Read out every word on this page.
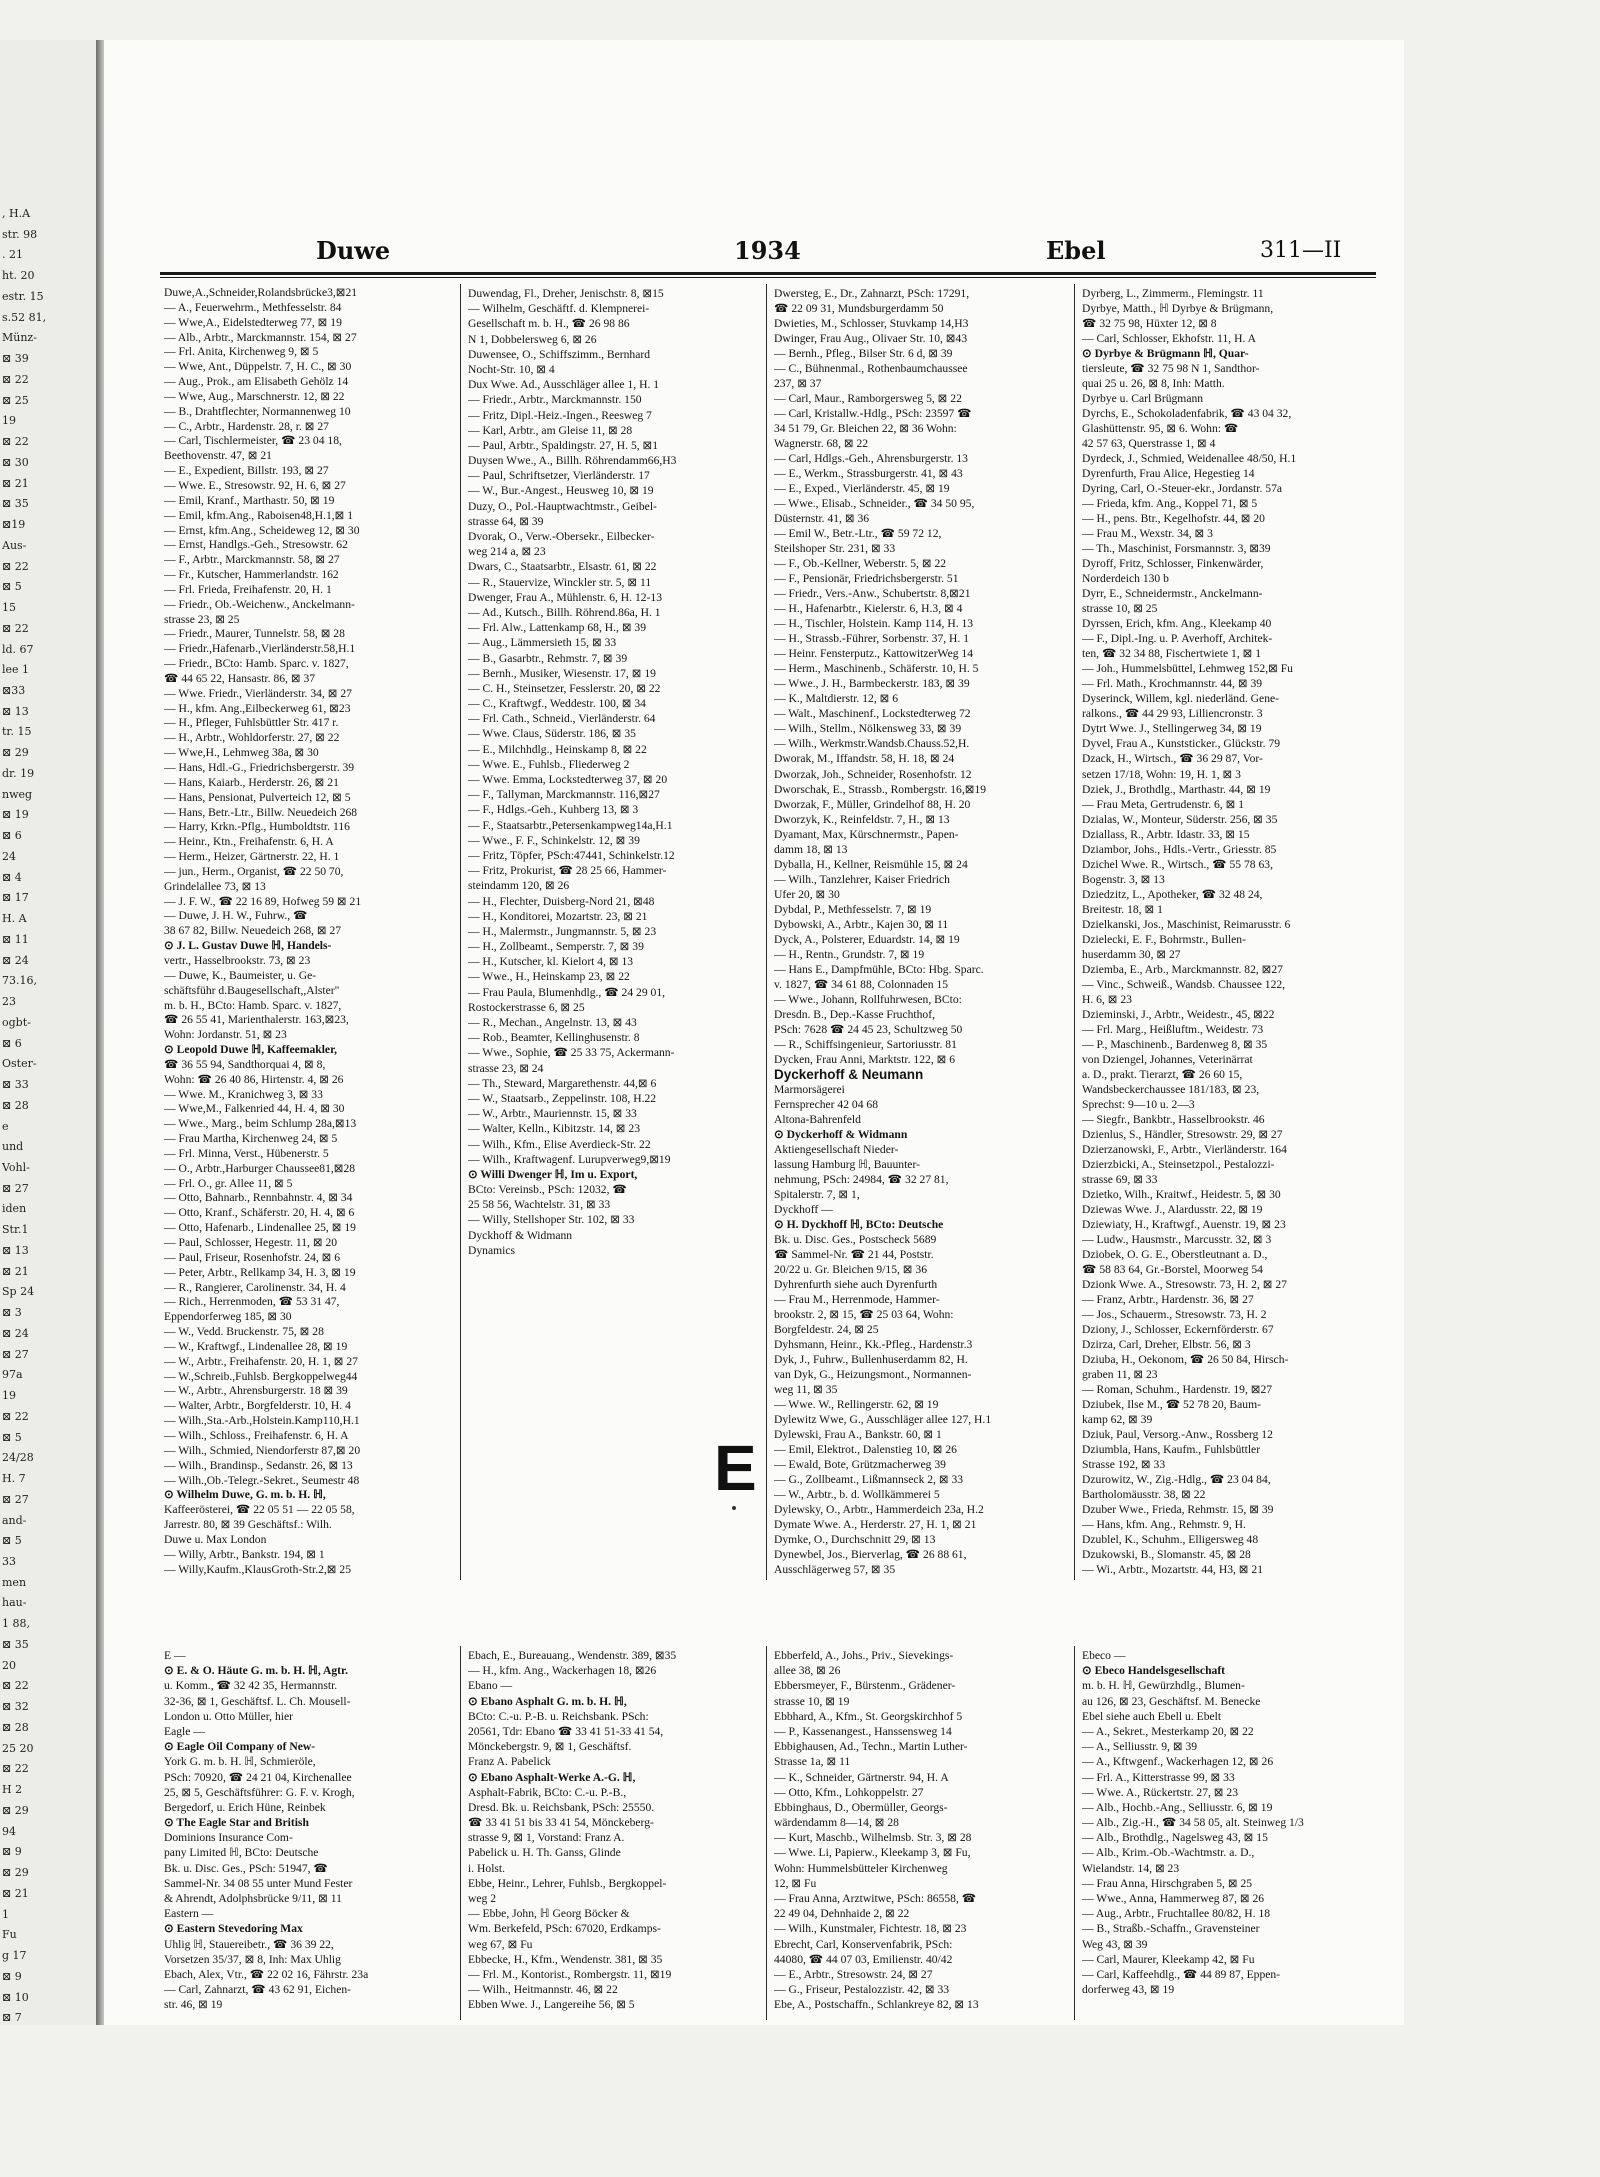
, H.A
str. 98
. 21
ht. 20
estr. 15
s.52 81,
Münz-
⊠ 39
⊠ 22
⊠ 25
19
⊠ 22
⊠ 30
⊠ 21
⊠ 35
⊠19
Aus-
⊠ 22
⊠ 5
15
⊠ 22
ld. 67
lee 1
⊠33
⊠ 13
tr. 15
⊠ 29
dr. 19
nweg
⊠ 19
⊠ 6
24
⊠ 4
⊠ 17
H. A
⊠ 11
⊠ 24
73.16,
23
ogbt-
⊠ 6
Oster-
⊠ 33
⊠ 28
e
und
Vohl-
⊠ 27
iden
Str.1
⊠ 13
⊠ 21
Sp 24
⊠ 3
⊠ 24
⊠ 27
97a
19
⊠ 22
⊠ 5
24/28
H. 7
⊠ 27
and-
⊠ 5
33
men
hau-
1 88,
⊠ 35
20
⊠ 22
⊠ 32
⊠ 28
25 20
⊠ 22
H 2
⊠ 29
94
⊠ 9
⊠ 29
⊠ 21
1
Fu
g 17
⊠ 9
⊠ 10
⊠ 7
Duwe	1934	Ebel	311—II
Duwe,A.,Schneider,Rolandsbrücke3,⊠21
— A., Feuerwehrm., Methfesselstr. 84
— Wwe,A., Eidelstedterweg 77, ⊠ 19
— Alb., Arbtr., Marckmannstr. 154, ⊠ 27
— Frl. Anita, Kirchenweg 9, ⊠ 5
— Wwe, Ant., Düppelstr. 7, H. C., ⊠ 30
— Aug., Prok., am Elisabeth Gehölz 14
— Wwe, Aug., Marschnerstr. 12, ⊠ 22
— B., Drahtflechter, Normannenweg 10
— C., Arbtr., Hardenstr. 28, r. ⊠ 27
— Carl, Tischlermeister, ☎ 23 04 18,
Beethovenstr. 47, ⊠ 21
— E., Expedient, Billstr. 193, ⊠ 27
— Wwe. E., Stresowstr. 92, H. 6, ⊠ 27
— Emil, Kranf., Marthastr. 50, ⊠ 19
— Emil, kfm.Ang., Raboisen48,H.1,⊠ 1
— Ernst, kfm.Ang., Scheideweg 12, ⊠ 30
— Ernst, Handlgs.-Geh., Stresowstr. 62
— F., Arbtr., Marckmannstr. 58, ⊠ 27
— Fr., Kutscher, Hammerlandstr. 162
— Frl. Frieda, Freihafenstr. 20, H. 1
— Friedr., Ob.-Weichenw., Anckelmann-
strasse 23, ⊠ 25
— Friedr., Maurer, Tunnelstr. 58, ⊠ 28
— Friedr.,Hafenarb.,Vierländerstr.58,H.1
— Friedr., BCto: Hamb. Sparc. v. 1827,
☎ 44 65 22, Hansastr. 86, ⊠ 37
— Wwe. Friedr., Vierländerstr. 34, ⊠ 27
— H., kfm. Ang.,Eilbeckerweg 61, ⊠23
— H., Pfleger, Fuhlsbüttler Str. 417 r.
— H., Arbtr., Wohldorferstr. 27, ⊠ 22
— Wwe,H., Lehmweg 38a, ⊠ 30
— Hans, Hdl.-G., Friedrichsbergerstr. 39
— Hans, Kaiarb., Herderstr. 26, ⊠ 21
— Hans, Pensionat, Pulverteich 12, ⊠ 5
— Hans, Betr.-Ltr., Billw. Neuedeich 268
— Harry, Krkn.-Pflg., Humboldtstr. 116
— Heinr., Ktn., Freihafenstr. 6, H. A
— Herm., Heizer, Gärtnerstr. 22, H. 1
— jun., Herm., Organist, ☎ 22 50 70,
Grindelallee 73, ⊠ 13
— J. F. W., ☎ 22 16 89, Hofweg 59 ⊠ 21
— Duwe, J. H. W., Fuhrw., ☎
38 67 82, Billw. Neuedeich 268, ⊠ 27
⊙ J. L. Gustav Duwe ℍ, Handels-
vertr., Hasselbrookstr. 73, ⊠ 23
— Duwe, K., Baumeister, u. Ge-
schäftsführ d.Baugesellschaft,,Alster"
m. b. H., BCto: Hamb. Sparc. v. 1827,
☎ 26 55 41, Marienthalerstr. 163,⊠23,
Wohn: Jordanstr. 51, ⊠ 23
⊙ Leopold Duwe ℍ, Kaffeemakler,
☎ 36 55 94, Sandthorquai 4, ⊠ 8,
Wohn: ☎ 26 40 86, Hirtenstr. 4, ⊠ 26
— Wwe. M., Kranichweg 3, ⊠ 33
— Wwe,M., Falkenried 44, H. 4, ⊠ 30
— Wwe., Marg., beim Schlump 28a,⊠13
— Frau Martha, Kirchenweg 24, ⊠ 5
— Frl. Minna, Verst., Hübenerstr. 5
— O., Arbtr.,Harburger Chaussee81,⊠28
— Frl. O., gr. Allee 11, ⊠ 5
— Otto, Bahnarb., Rennbahnstr. 4, ⊠ 34
— Otto, Kranf., Schäferstr. 20, H. 4, ⊠ 6
— Otto, Hafenarb., Lindenallee 25, ⊠ 19
— Paul, Schlosser, Hegestr. 11, ⊠ 20
— Paul, Friseur, Rosenhofstr. 24, ⊠ 6
— Peter, Arbtr., Rellkamp 34, H. 3, ⊠ 19
— R., Rangierer, Carolinenstr. 34, H. 4
— Rich., Herrenmoden, ☎ 53 31 47,
Eppendorferweg 185, ⊠ 30
— W., Vedd. Bruckenstr. 75, ⊠ 28
— W., Kraftwgf., Lindenallee 28, ⊠ 19
— W., Arbtr., Freihafenstr. 20, H. 1, ⊠ 27
— W.,Schreib.,Fuhlsb. Bergkoppelweg44
— W., Arbtr., Ahrensburgerstr. 18 ⊠ 39
— Walter, Arbtr., Borgfelderstr. 10, H. 4
— Wilh.,Sta.-Arb.,Holstein.Kamp110,H.1
— Wilh., Schloss., Freihafenstr. 6, H. A
— Wilh., Schmied, Niendorferstr 87,⊠ 20
— Wilh., Brandinsp., Sedanstr. 26, ⊠ 13
— Wilh.,Ob.-Telegr.-Sekret., Seumestr 48
⊙ Wilhelm Duwe, G. m. b. H. ℍ,
Kaffeerösterei, ☎ 22 05 51 — 22 05 58,
Jarrestr. 80, ⊠ 39 Geschäftsf.: Wilh.
Duwe u. Max London
— Willy, Arbtr., Bankstr. 194, ⊠ 1
— Willy,Kaufm.,KlausGroth-Str.2,⊠ 25
Duwendag, Fl., Dreher, Jenischstr. 8, ⊠15
— Wilhelm, Geschäftf. d. Klempnerei-
Gesellschaft m. b. H., ☎ 26 98 86
N 1, Dobbelersweg 6, ⊠ 26
Duwensee, O., Schiffszimm., Bernhard
Nocht-Str. 10, ⊠ 4
Dux Wwe. Ad., Ausschläger allee 1, H. 1
— Friedr., Arbtr., Marckmannstr. 150
— Fritz, Dipl.-Heiz.-Ingen., Reesweg 7
— Karl, Arbtr., am Gleise 11, ⊠ 28
— Paul, Arbtr., Spaldingstr. 27, H. 5, ⊠1
Duysen Wwe., A., Billh. Röhrendamm66,H3
— Paul, Schriftsetzer, Vierländerstr. 17
— W., Bur.-Angest., Heusweg 10, ⊠ 19
Duzy, O., Pol.-Hauptwachtmstr., Geibel-
strasse 64, ⊠ 39
Dvorak, O., Verw.-Obersekr., Eilbecker-
weg 214 a, ⊠ 23
Dwars, C., Staatsarbtr., Elsastr. 61, ⊠ 22
— R., Stauervize, Winckler str. 5, ⊠ 11
Dwenger, Frau A., Mühlenstr. 6, H. 12-13
— Ad., Kutsch., Billh. Röhrend.86a, H. 1
— Frl. Alw., Lattenkamp 68, H., ⊠ 39
— Aug., Lämmersieth 15, ⊠ 33
— B., Gasarbtr., Rehmstr. 7, ⊠ 39
— Bernh., Musiker, Wiesenstr. 17, ⊠ 19
— C. H., Steinsetzer, Fesslerstr. 20, ⊠ 22
— C., Kraftwgf., Weddestr. 100, ⊠ 34
— Frl. Cath., Schneid., Vierländerstr. 64
— Wwe. Claus, Süderstr. 186, ⊠ 35
— E., Milchhdlg., Heinskamp 8, ⊠ 22
— Wwe. E., Fuhlsb., Fliederweg 2
— Wwe. Emma, Lockstedterweg 37, ⊠ 20
— F., Tallyman, Marckmannstr. 116,⊠27
— F., Hdlgs.-Geh., Kuhberg 13, ⊠ 3
— F., Staatsarbtr.,Petersenkampweg14a,H.1
— Wwe., F. F., Schinkelstr. 12, ⊠ 39
— Fritz, Töpfer, PSch:47441, Schinkelstr.12
— Fritz, Prokurist, ☎ 28 25 66, Hammer-
steindamm 120, ⊠ 26
— H., Flechter, Duisberg-Nord 21, ⊠48
— H., Konditorei, Mozartstr. 23, ⊠ 21
— H., Malermstr., Jungmannstr. 5, ⊠ 23
— H., Zollbeamt., Semperstr. 7, ⊠ 39
— H., Kutscher, kl. Kielort 4, ⊠ 13
— Wwe., H., Heinskamp 23, ⊠ 22
— Frau Paula, Blumenhdlg., ☎ 24 29 01,
Rostockerstrasse 6, ⊠ 25
— R., Mechan., Angelnstr. 13, ⊠ 43
— Rob., Beamter, Kellinghusenstr. 8
— Wwe., Sophie, ☎ 25 33 75, Ackermann-
strasse 23, ⊠ 24
— Th., Steward, Margarethenstr. 44,⊠ 6
— W., Staatsarb., Zeppelinstr. 108, H.22
— W., Arbtr., Mauriennstr. 15, ⊠ 33
— Walter, Kelln., Kibitzstr. 14, ⊠ 23
— Wilh., Kfm., Elise Averdieck-Str. 22
— Wilh., Kraftwagenf. Lurupverweg9,⊠19
⊙ Willi Dwenger ℍ, Im u. Export,
BCto: Vereinsb., PSch: 12032, ☎
25 58 56, Wachtelstr. 31, ⊠ 33
— Willy, Stellshoper Str. 102, ⊠ 33
Dyckhoff & Widmann
Dynamics
Dwersteg, E., Dr., Zahnarzt, PSch: 17291,
☎ 22 09 31, Mundsburgerdamm 50
Dwieties, M., Schlosser, Stuvkamp 14,H3
Dwinger, Frau Aug., Olivaer Str. 10, ⊠43
— Bernh., Pfleg., Bilser Str. 6 d, ⊠ 39
— C., Bühnenmal., Rothenbaumchaussee
237, ⊠ 37
— Carl, Maur., Ramborgersweg 5, ⊠ 22
— Carl, Kristallw.-Hdlg., PSch: 23597 ☎
34 51 79, Gr. Bleichen 22, ⊠ 36 Wohn:
Wagnerstr. 68, ⊠ 22
— Carl, Hdlgs.-Geh., Ahrensburgerstr. 13
— E., Werkm., Strassburgerstr. 41, ⊠ 43
— E., Exped., Vierländerstr. 45, ⊠ 19
— Wwe., Elisab., Schneider., ☎ 34 50 95,
Düsternstr. 41, ⊠ 36
— Emil W., Betr.-Ltr., ☎ 59 72 12,
Steilshoper Str. 231, ⊠ 33
— F., Ob.-Kellner, Weberstr. 5, ⊠ 22
— F., Pensionär, Friedrichsbergerstr. 51
— Friedr., Vers.-Anw., Schubertstr. 8,⊠21
— H., Hafenarbtr., Kielerstr. 6, H.3, ⊠ 4
— H., Tischler, Holstein. Kamp 114, H. 13
— H., Strassb.-Führer, Sorbenstr. 37, H. 1
— Heinr. Fensterputz., KattowitzerWeg 14
— Herm., Maschinenb., Schäferstr. 10, H. 5
— Wwe., J. H., Barmbeckerstr. 183, ⊠ 39
— K., Maltdierstr. 12, ⊠ 6
— Walt., Maschinenf., Lockstedterweg 72
— Wilh., Stellm., Nölkensweg 33, ⊠ 39
— Wilh., Werkmstr.Wandsb.Chauss.52,H.
Dworak, M., Iffandstr. 58, H. 18, ⊠ 24
Dworzak, Joh., Schneider, Rosenhofstr. 12
Dworschak, E., Strassb., Rombergstr. 16,⊠19
Dworzak, F., Müller, Grindelhof 88, H. 20
Dworzyk, K., Reinfeldstr. 7, H., ⊠ 13
Dyamant, Max, Kürschnermstr., Papen-
damm 18, ⊠ 13
Dyballa, H., Kellner, Reismühle 15, ⊠ 24
— Wilh., Tanzlehrer, Kaiser Friedrich
Ufer 20, ⊠ 30
Dybdal, P., Methfesselstr. 7, ⊠ 19
Dybowski, A., Arbtr., Kajen 30, ⊠ 11
Dyck, A., Polsterer, Eduardstr. 14, ⊠ 19
— H., Rentn., Grundstr. 7, ⊠ 19
— Hans E., Dampfmühle, BCto: Hbg. Sparc.
v. 1827, ☎ 34 61 88, Colonnaden 15
— Wwe., Johann, Rollfuhrwesen, BCto:
Dresdn. B., Dep.-Kasse Fruchthof,
PSch: 7628 ☎ 24 45 23, Schultzweg 50
— R., Schiffsingenieur, Sartoriusstr. 81
Dycken, Frau Anni, Marktstr. 122, ⊠ 6
Dyckerhoff & Neumann
Marmorsägerei
Fernsprecher 42 04 68
Altona-Bahrenfeld
⊙ Dyckerhoff & Widmann
Aktiengesellschaft Nieder-
lassung Hamburg ℍ, Bauunter-
nehmung, PSch: 24984, ☎ 32 27 81,
Spitalerstr. 7, ⊠ 1,
Dyckhoff —
⊙ H. Dyckhoff ℍ, BCto: Deutsche
Bk. u. Disc. Ges., Postscheck 5689
☎ Sammel-Nr. ☎ 21 44, Poststr.
20/22 u. Gr. Bleichen 9/15, ⊠ 36
Dyhrenfurth siehe auch Dyrenfurth
— Frau M., Herrenmode, Hammer-
brookstr. 2, ⊠ 15, ☎ 25 03 64, Wohn:
Borgfeldestr. 24, ⊠ 25
Dyhsmann, Heinr., Kk.-Pfleg., Hardenstr.3
Dyk, J., Fuhrw., Bullenhuserdamm 82, H.
van Dyk, G., Heizungsmont., Normannen-
weg 11, ⊠ 35
— Wwe. W., Rellingerstr. 62, ⊠ 19
Dylewitz Wwe, G., Ausschläger allee 127, H.1
Dylewski, Frau A., Bankstr. 60, ⊠ 1
— Emil, Elektrot., Dalenstieg 10, ⊠ 26
— Ewald, Bote, Grützmacherweg 39
— G., Zollbeamt., Lißmannseck 2, ⊠ 33
— W., Arbtr., b. d. Wollkämmerei 5
Dylewsky, O., Arbtr., Hammerdeich 23a, H.2
Dymate Wwe. A., Herderstr. 27, H. 1, ⊠ 21
Dymke, O., Durchschnitt 29, ⊠ 13
Dynewbel, Jos., Bierverlag, ☎ 26 88 61,
Ausschlägerweg 57, ⊠ 35
Dyrberg, L., Zimmerm., Flemingstr. 11
Dyrbye, Matth., ℍ Dyrbye & Brügmann,
☎ 32 75 98, Hüxter 12, ⊠ 8
— Carl, Schlosser, Ekhofstr. 11, H. A
⊙ Dyrbye & Brügmann ℍ, Quar-
tiersleute, ☎ 32 75 98 N 1, Sandthor-
quai 25 u. 26, ⊠ 8, Inh: Matth.
Dyrbye u. Carl Brügmann
Dyrchs, E., Schokoladenfabrik, ☎ 43 04 32,
Glashüttenstr. 95, ⊠ 6. Wohn: ☎
42 57 63, Querstrasse 1, ⊠ 4
Dyrdeck, J., Schmied, Weidenallee 48/50, H.1
Dyrenfurth, Frau Alice, Hegestieg 14
Dyring, Carl, O.-Steuer-ekr., Jordanstr. 57a
— Frieda, kfm. Ang., Koppel 71, ⊠ 5
— H., pens. Btr., Kegelhofstr. 44, ⊠ 20
— Frau M., Wexstr. 34, ⊠ 3
— Th., Maschinist, Forsmannstr. 3, ⊠39
Dyroff, Fritz, Schlosser, Finkenwärder,
Norderdeich 130 b
Dyrr, E., Schneidermstr., Anckelmann-
strasse 10, ⊠ 25
Dyrssen, Erich, kfm. Ang., Kleekamp 40
— F., Dipl.-Ing. u. P. Averhoff, Architek-
ten, ☎ 32 34 88, Fischertwiete 1, ⊠ 1
— Joh., Hummelsbüttel, Lehmweg 152,⊠ Fu
— Frl. Math., Krochmannstr. 44, ⊠ 39
Dyserinck, Willem, kgl. niederländ. Gene-
ralkons., ☎ 44 29 93, Lilliencronstr. 3
Dytrt Wwe. J., Stellingerweg 34, ⊠ 19
Dyvel, Frau A., Kunststicker., Glückstr. 79
Dzack, H., Wirtsch., ☎ 36 29 87, Vor-
setzen 17/18, Wohn: 19, H. 1, ⊠ 3
Dziek, J., Brothdlg., Marthastr. 44, ⊠ 19
— Frau Meta, Gertrudenstr. 6, ⊠ 1
Dzialas, W., Monteur, Süderstr. 256, ⊠ 35
Dziallass, R., Arbtr. Idastr. 33, ⊠ 15
Dziambor, Johs., Hdls.-Vertr., Griesstr. 85
Dzichel Wwe. R., Wirtsch., ☎ 55 78 63,
Bogenstr. 3, ⊠ 13
Dziedzitz, L., Apotheker, ☎ 32 48 24,
Breitestr. 18, ⊠ 1
Dzielkanski, Jos., Maschinist, Reimarusstr. 6
Dzielecki, E. F., Bohrmstr., Bullen-
huserdamm 30, ⊠ 27
Dziemba, E., Arb., Marckmannstr. 82, ⊠27
— Vinc., Schweiß., Wandsb. Chaussee 122,
H. 6, ⊠ 23
Dzieminski, J., Arbtr., Weidestr., 45, ⊠22
— Frl. Marg., Heißluftm., Weidestr. 73
— P., Maschinenb., Bardenweg 8, ⊠ 35
von Dziengel, Johannes, Veterinärrat
a. D., prakt. Tierarzt, ☎ 26 60 15,
Wandsbeckerchaussee 181/183, ⊠ 23,
Sprechst: 9—10 u. 2—3
— Siegfr., Bankbtr., Hasselbrookstr. 46
Dzienlus, S., Händler, Stresowstr. 29, ⊠ 27
Dzierzanowski, F., Arbtr., Vierländerstr. 164
Dzierzbicki, A., Steinsetzpol., Pestalozzi-
strasse 69, ⊠ 33
Dzietko, Wilh., Kraitwf., Heidestr. 5, ⊠ 30
Dziewas Wwe. J., Alardusstr. 22, ⊠ 19
Dziewiaty, H., Kraftwgf., Auenstr. 19, ⊠ 23
— Ludw., Hausmstr., Marcusstr. 32, ⊠ 3
Dziobek, O. G. E., Oberstleutnant a. D.,
☎ 58 83 64, Gr.-Borstel, Moorweg 54
Dzionk Wwe. A., Stresowstr. 73, H. 2, ⊠ 27
— Franz, Arbtr., Hardenstr. 36, ⊠ 27
— Jos., Schauerm., Stresowstr. 73, H. 2
Dziony, J., Schlosser, Eckernförderstr. 67
Dzirza, Carl, Dreher, Elbstr. 56, ⊠ 3
Dziuba, H., Oekonom, ☎ 26 50 84, Hirsch-
graben 11, ⊠ 23
— Roman, Schuhm., Hardenstr. 19, ⊠27
Dziubek, Ilse M., ☎ 52 78 20, Baum-
kamp 62, ⊠ 39
Dziuk, Paul, Versorg.-Anw., Rossberg 12
Dziumbla, Hans, Kaufm., Fuhlsbüttler
Strasse 192, ⊠ 33
Dzurowitz, W., Zig.-Hdlg., ☎ 23 04 84,
Bartholomäusstr. 38, ⊠ 22
Dzuber Wwe., Frieda, Rehmstr. 15, ⊠ 39
— Hans, kfm. Ang., Rehmstr. 9, H.
Dzublel, K., Schuhm., Elligersweg 48
Dzukowski, B., Slomanstr. 45, ⊠ 28
— Wi., Arbtr., Mozartstr. 44, H3, ⊠ 21
E
E —
⊙ E. & O. Häute G. m. b. H. ℍ, Agtr.
u. Komm., ☎ 32 42 35, Hermannstr.
32-36, ⊠ 1, Geschäftsf. L. Ch. Mousell-
London u. Otto Müller, hier
Eagle —
⊙ Eagle Oil Company of New-
York G. m. b. H. ℍ, Schmieröle,
PSch: 70920, ☎ 24 21 04, Kirchenallee
25, ⊠ 5, Geschäftsführer: G. F. v. Krogh,
Bergedorf, u. Erich Hüne, Reinbek
⊙ The Eagle Star and British
Dominions Insurance Com-
pany Limited ℍ, BCto: Deutsche
Bk. u. Disc. Ges., PSch: 51947, ☎
Sammel-Nr. 34 08 55 unter Mund Fester
& Ahrendt, Adolphsbrücke 9/11, ⊠ 11
Eastern —
⊙ Eastern Stevedoring Max
Uhlig ℍ, Stauereibetr., ☎ 36 39 22,
Vorsetzen 35/37, ⊠ 8, Inh: Max Uhlig
Ebach, Alex, Vtr., ☎ 22 02 16, Fährstr. 23a
— Carl, Zahnarzt, ☎ 43 62 91, Eichen-
str. 46, ⊠ 19
Ebach, E., Bureauang., Wendenstr. 389, ⊠35
— H., kfm. Ang., Wackerhagen 18, ⊠26
Ebano —
⊙ Ebano Asphalt G. m. b. H. ℍ,
BCto: C.-u. P.-B. u. Reichsbank. PSch:
20561, Tdr: Ebano ☎ 33 41 51-33 41 54,
Mönckebergstr. 9, ⊠ 1, Geschäftsf.
Franz A. Pabelick
⊙ Ebano Asphalt-Werke A.-G. ℍ,
Asphalt-Fabrik, BCto: C.-u. P.-B.,
Dresd. Bk. u. Reichsbank, PSch: 25550.
☎ 33 41 51 bis 33 41 54, Mönckeberg-
strasse 9, ⊠ 1, Vorstand: Franz A.
Pabelick u. H. Th. Ganss, Glinde
i. Holst.
Ebbe, Heinr., Lehrer, Fuhlsb., Bergkoppel-
weg 2
— Ebbe, John, ℍ Georg Böcker &
Wm. Berkefeld, PSch: 67020, Erdkamps-
weg 67, ⊠ Fu
Ebbecke, H., Kfm., Wendenstr. 381, ⊠ 35
— Frl. M., Kontorist., Rombergstr. 11, ⊠19
— Wilh., Heitmannstr. 46, ⊠ 22
Ebben Wwe. J., Langereihe 56, ⊠ 5
Ebberfeld, A., Johs., Priv., Sievekings-
allee 38, ⊠ 26
Ebbersmeyer, F., Bürstenm., Grädener-
strasse 10, ⊠ 19
Ebbhard, A., Kfm., St. Georgskirchhof 5
— P., Kassenangest., Hanssensweg 14
Ebbighausen, Ad., Techn., Martin Luther-
Strasse 1a, ⊠ 11
— K., Schneider, Gärtnerstr. 94, H. A
— Otto, Kfm., Lohkoppelstr. 27
Ebbinghaus, D., Obermüller, Georgs-
wärdendamm 8—14, ⊠ 28
— Kurt, Maschb., Wilhelmsb. Str. 3, ⊠ 28
— Wwe. Li, Papierw., Kleekamp 3, ⊠ Fu,
Wohn: Hummelsbütteler Kirchenweg
12, ⊠ Fu
— Frau Anna, Arztwitwe, PSch: 86558, ☎
22 49 04, Dehnhaide 2, ⊠ 22
— Wilh., Kunstmaler, Fichtestr. 18, ⊠ 23
Ebrecht, Carl, Konservenfabrik, PSch:
44080, ☎ 44 07 03, Emilienstr. 40/42
— E., Arbtr., Stresowstr. 24, ⊠ 27
— G., Friseur, Pestalozzistr. 42, ⊠ 33
Ebe, A., Postschaffn., Schlankreye 82, ⊠ 13
Ebeco —
⊙ Ebeco Handelsgesellschaft
m. b. H. ℍ, Gewürzhdlg., Blumen-
au 126, ⊠ 23, Geschäftsf. M. Benecke
Ebel siehe auch Ebell u. Ebelt
— A., Sekret., Mesterkamp 20, ⊠ 22
— A., Selliusstr. 9, ⊠ 39
— A., Kftwgenf., Wackerhagen 12, ⊠ 26
— Frl. A., Kitterstrasse 99, ⊠ 33
— Wwe. A., Rückertstr. 27, ⊠ 23
— Alb., Hochb.-Ang., Selliusstr. 6, ⊠ 19
— Alb., Zig.-H., ☎ 34 58 05, alt. Steinweg 1/3
— Alb., Brothdlg., Nagelsweg 43, ⊠ 15
— Alb., Krim.-Ob.-Wachtmstr. a. D.,
Wielandstr. 14, ⊠ 23
— Frau Anna, Hirschgraben 5, ⊠ 25
— Wwe., Anna, Hammerweg 87, ⊠ 26
— Aug., Arbtr., Fruchtallee 80/82, H. 18
— B., Straßb.-Schaffn., Gravensteiner
Weg 43, ⊠ 39
— Carl, Maurer, Kleekamp 42, ⊠ Fu
— Carl, Kaffeehdlg., ☎ 44 89 87, Eppen-
dorferweg 43, ⊠ 19
